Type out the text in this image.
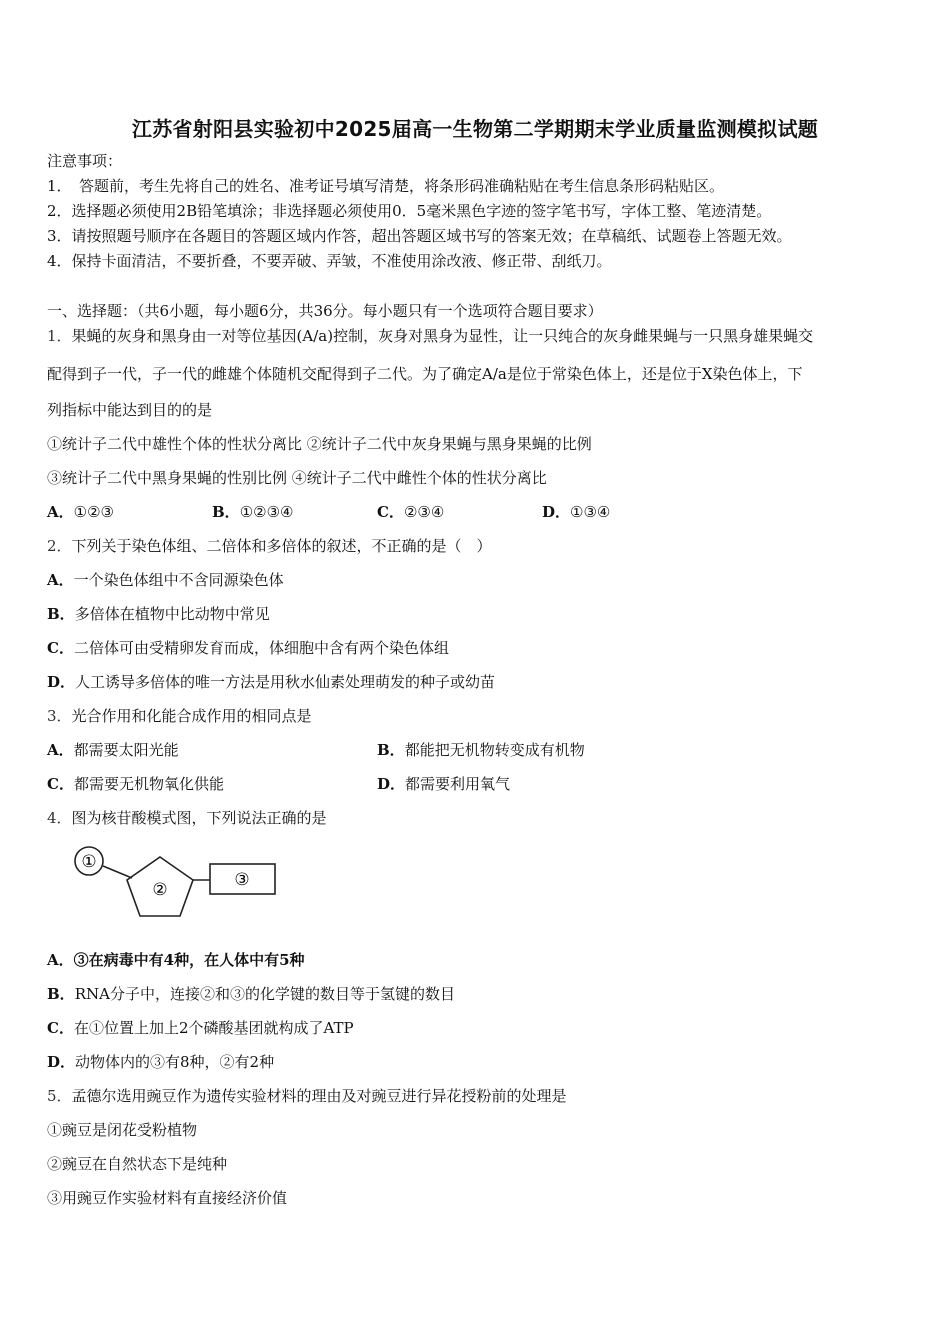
江苏省射阳县实验初中2025届高一生物第二学期期末学业质量监测模拟试题
注意事项：
1．　答题前，考生先将自己的姓名、准考证号填写清楚，将条形码准确粘贴在考生信息条形码粘贴区。
2．选择题必须使用2B铅笔填涂；非选择题必须使用0．5毫米黑色字迹的签字笔书写，字体工整、笔迹清楚。
3．请按照题号顺序在各题目的答题区域内作答，超出答题区域书写的答案无效；在草稿纸、试题卷上答题无效。
4．保持卡面清洁，不要折叠，不要弄破、弄皱，不准使用涂改液、修正带、刮纸刀。
一、选择题：（共6小题，每小题6分，共36分。每小题只有一个选项符合题目要求）
1．果蝇的灰身和黑身由一对等位基因(A/a)控制，灰身对黑身为显性，让一只纯合的灰身雌果蝇与一只黑身雄果蝇交
配得到子一代，子一代的雌雄个体随机交配得到子二代。为了确定A/a是位于常染色体上，还是位于X染色体上，下
列指标中能达到目的的是
①统计子二代中雄性个体的性状分离比 ②统计子二代中灰身果蝇与黑身果蝇的比例
③统计子二代中黑身果蝇的性别比例 ④统计子二代中雌性个体的性状分离比
A．①②③	B．①②③④	C．②③④	D．①③④
2．下列关于染色体组、二倍体和多倍体的叙述，不正确的是（　）
A．一个染色体组中不含同源染色体
B．多倍体在植物中比动物中常见
C．二倍体可由受精卵发育而成，体细胞中含有两个染色体组
D．人工诱导多倍体的唯一方法是用秋水仙素处理萌发的种子或幼苗
3．光合作用和化能合成作用的相同点是
A．都需要太阳光能	B．都能把无机物转变成有机物
C．都需要无机物氧化供能	D．都需要利用氧气
4．图为核苷酸模式图，下列说法正确的是
①
②	③
A．③在病毒中有4种，在人体中有5种
B．RNA分子中，连接②和③的化学键的数目等于氢键的数目
C．在①位置上加上2个磷酸基团就构成了ATP
D．动物体内的③有8种，②有2种
5．孟德尔选用豌豆作为遗传实验材料的理由及对豌豆进行异花授粉前的处理是
①豌豆是闭花受粉植物
②豌豆在自然状态下是纯种
③用豌豆作实验材料有直接经济价值
